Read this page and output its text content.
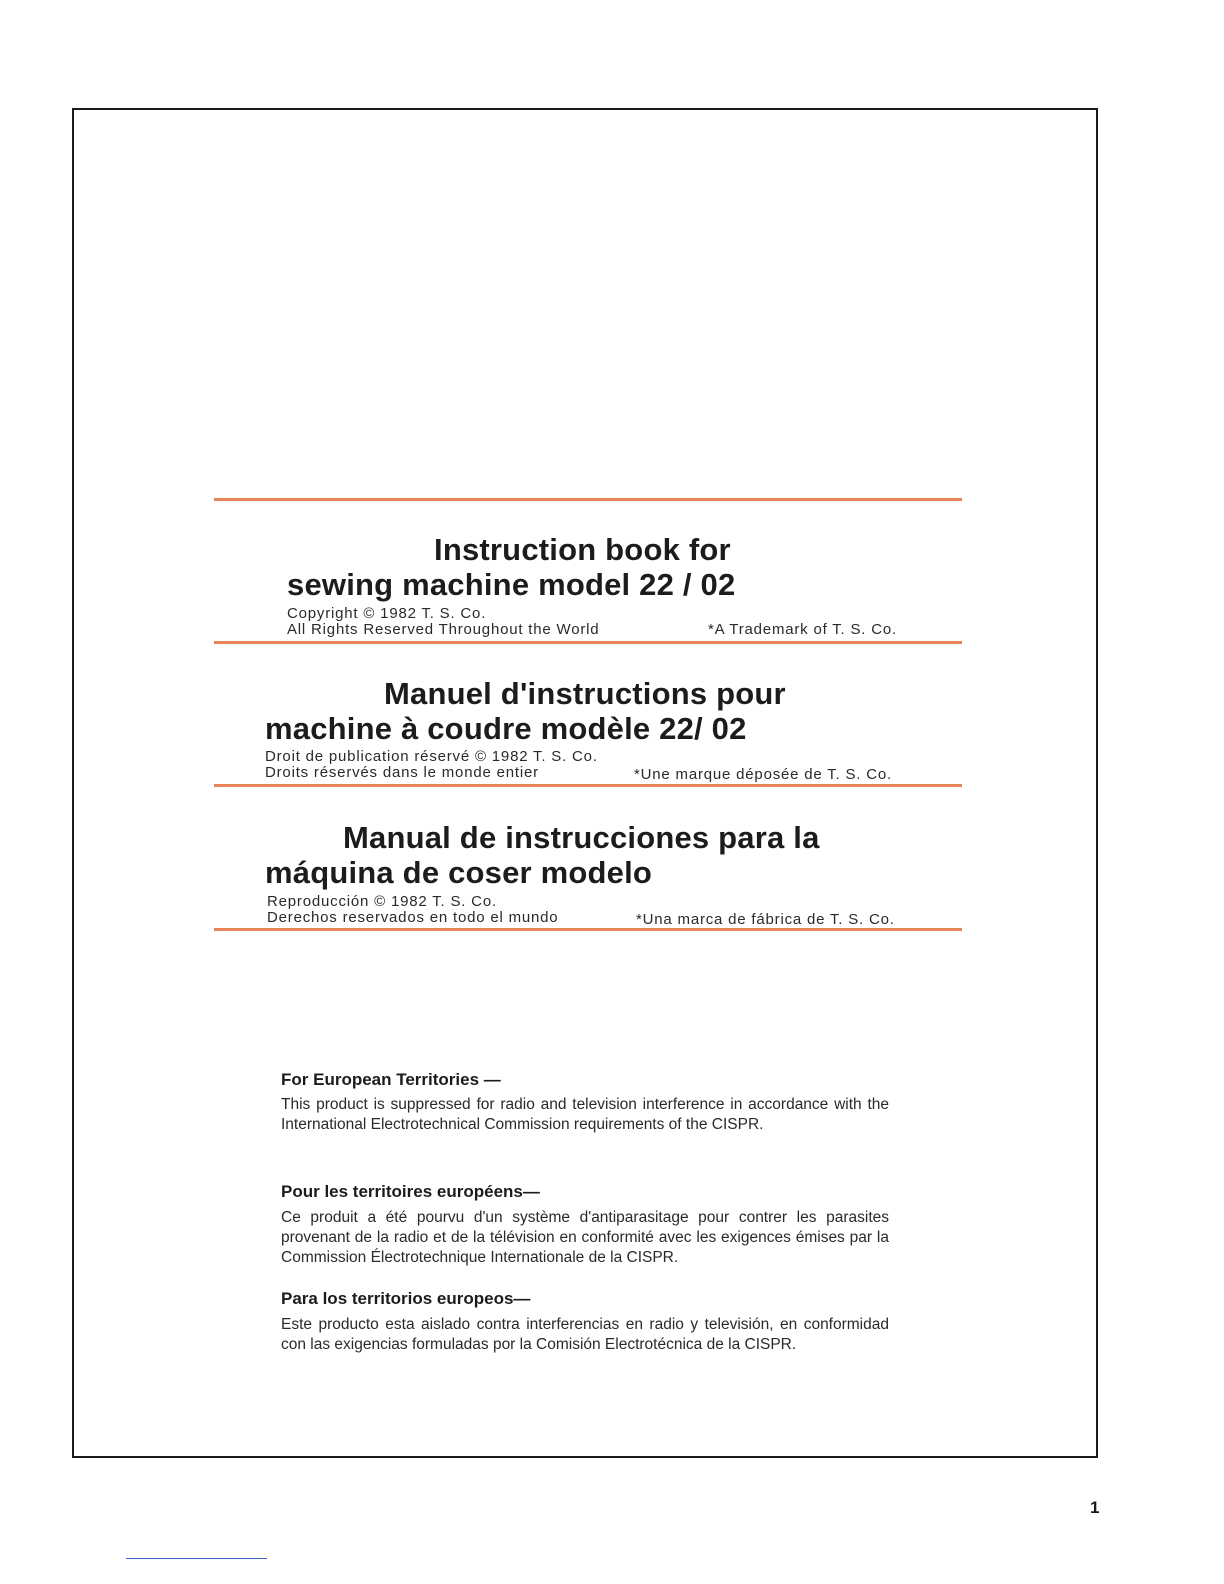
Instruction book for
sewing machine model 22 / 02
Copyright © 1982 T. S. Co.
All Rights Reserved Throughout the World	*A Trademark of T. S. Co.
Manuel d'instructions pour
machine à coudre modèle 22/ 02
Droit de publication réservé © 1982 T. S. Co.
Droits réservés dans le monde entier	*Une marque déposée de T. S. Co.
Manual de instrucciones para la
máquina de coser modelo
Reproducción © 1982 T. S. Co.
Derechos reservados en todo el mundo	*Una marca de fábrica de T. S. Co.
For European Territories —
This product is suppressed for radio and television interference in accordance with the International Electrotechnical Commission requirements of the CISPR.
Pour les territoires européens—
Ce produit a été pourvu d'un système d'antiparasitage pour contrer les parasites provenant de la radio et de la télévision en conformité avec les exigences émises par la Commission Électrotechnique Internationale de la CISPR.
Para los territorios europeos—
Este producto esta aislado contra interferencias en radio y televisión, en conformidad con las exigencias formuladas por la Comisión Electrotécnica de la CISPR.
1
